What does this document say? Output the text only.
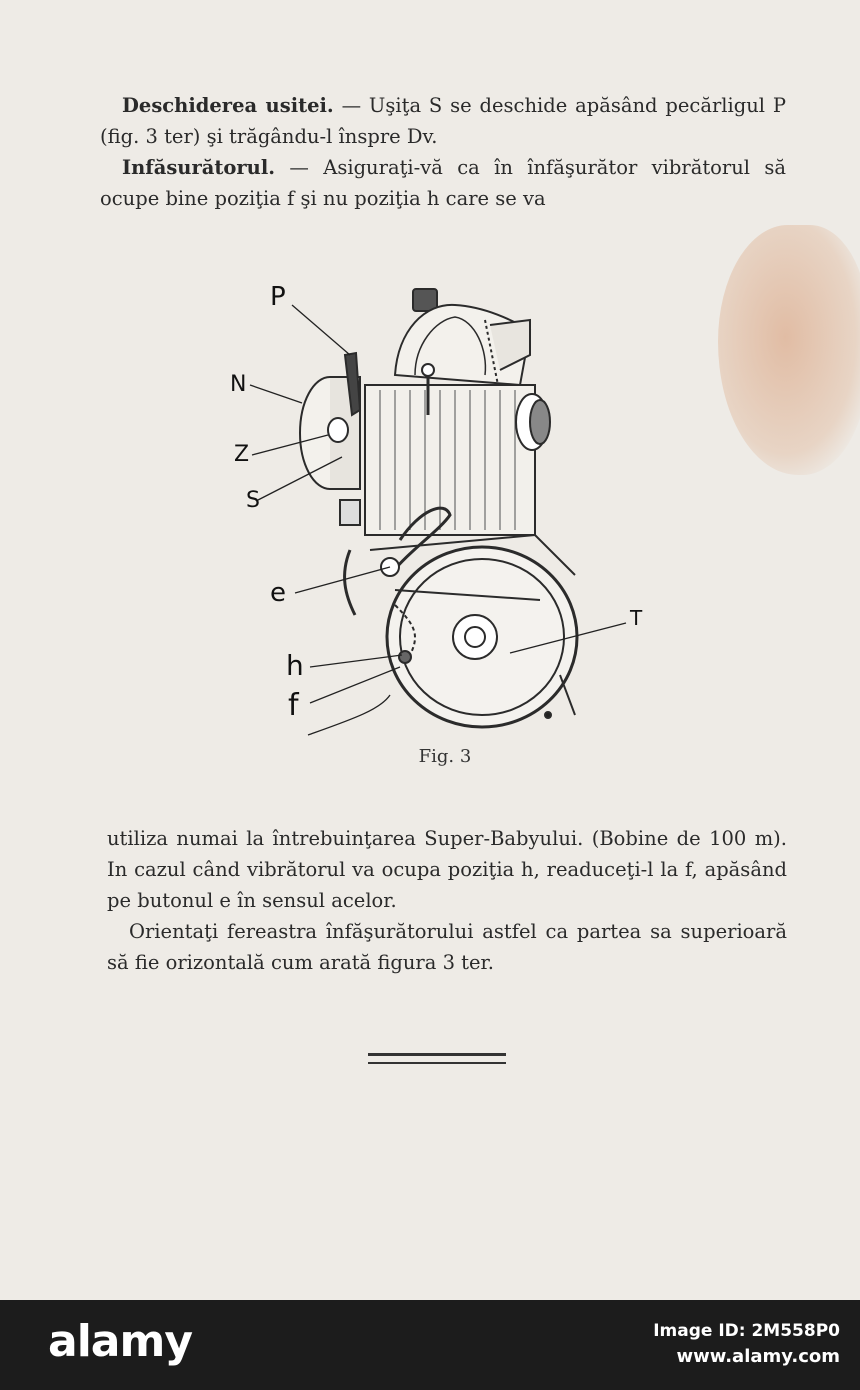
Deschiderea usitei. — Uşiţa S se deschide apăsând pecărligul P (fig. 3 ter) şi trăgându-l înspre Dv.

Infăsurătorul. — Asiguraţi-vă ca în înfăşurător vibrătorul să ocupe bine poziţia f şi nu poziţia h care se va

P
N
Z
S
e
h
f
T
Fig. 3

utiliza numai la întrebuinţarea Super-Babyului. (Bobine de 100 m). In cazul când vibrătorul va ocupa poziţia h, readuceţi-l la f, apăsând pe butonul e în sensul acelor.

Orientaţi fereastra înfăşurătorului astfel ca partea sa superioară să fie orizontală cum arată figura 3 ter.

alamy	Image ID: 2M558P0
www.alamy.com
